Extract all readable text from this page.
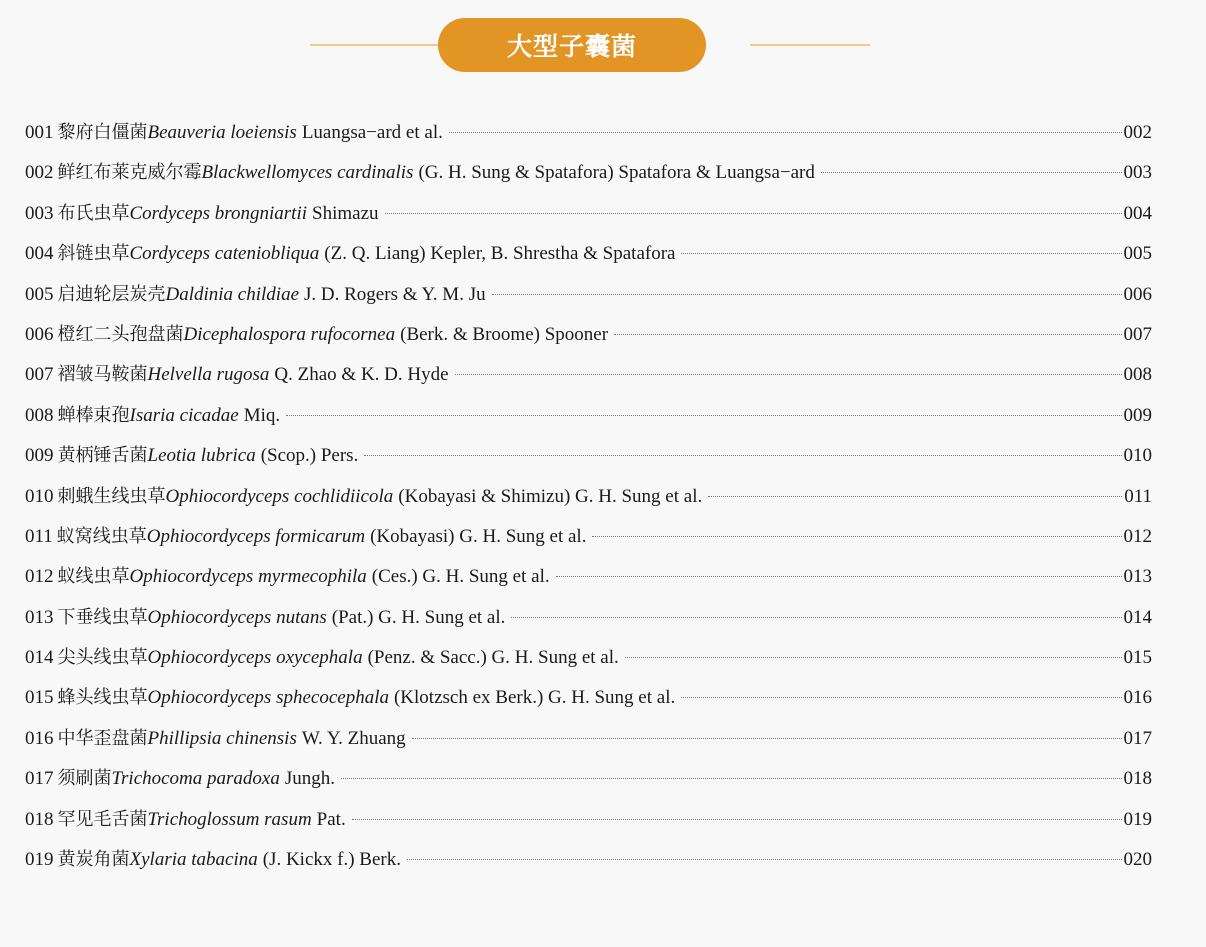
大型子囊菌
001 黎府白僵菌 Beauveria loeiensis Luangsa−ard et al.	002
002 鲜红布莱克威尔霉 Blackwellomyces cardinalis (G. H. Sung & Spatafora) Spatafora & Luangsa−ard	003
003 布氏虫草 Cordyceps brongniartii Shimazu	004
004 斜链虫草 Cordyceps cateniobliqua (Z. Q. Liang) Kepler, B. Shrestha & Spatafora	005
005 启迪轮层炭壳 Daldinia childiae J. D. Rogers & Y. M. Ju	006
006 橙红二头孢盘菌 Dicephalospora rufocornea (Berk. & Broome) Spooner	007
007 褶皱马鞍菌 Helvella rugosa Q. Zhao & K. D. Hyde	008
008 蝉棒束孢 Isaria cicadae Miq.	009
009 黄柄锤舌菌 Leotia lubrica (Scop.) Pers.	010
010 刺蛾生线虫草 Ophiocordyceps cochlidiicola (Kobayasi & Shimizu) G. H. Sung et al.	011
011 蚁窝线虫草 Ophiocordyceps formicarum (Kobayasi) G. H. Sung et al.	012
012 蚁线虫草 Ophiocordyceps myrmecophila (Ces.) G. H. Sung et al.	013
013 下垂线虫草 Ophiocordyceps nutans (Pat.) G. H. Sung et al.	014
014 尖头线虫草 Ophiocordyceps oxycephala (Penz. & Sacc.) G. H. Sung et al.	015
015 蜂头线虫草 Ophiocordyceps sphecocephala (Klotzsch ex Berk.) G. H. Sung et al.	016
016 中华歪盘菌 Phillipsia chinensis W. Y. Zhuang	017
017 须刷菌 Trichocoma paradoxa Jungh.	018
018 罕见毛舌菌 Trichoglossum rasum Pat.	019
019 黄炭角菌 Xylaria tabacina (J. Kickx f.) Berk.	020
